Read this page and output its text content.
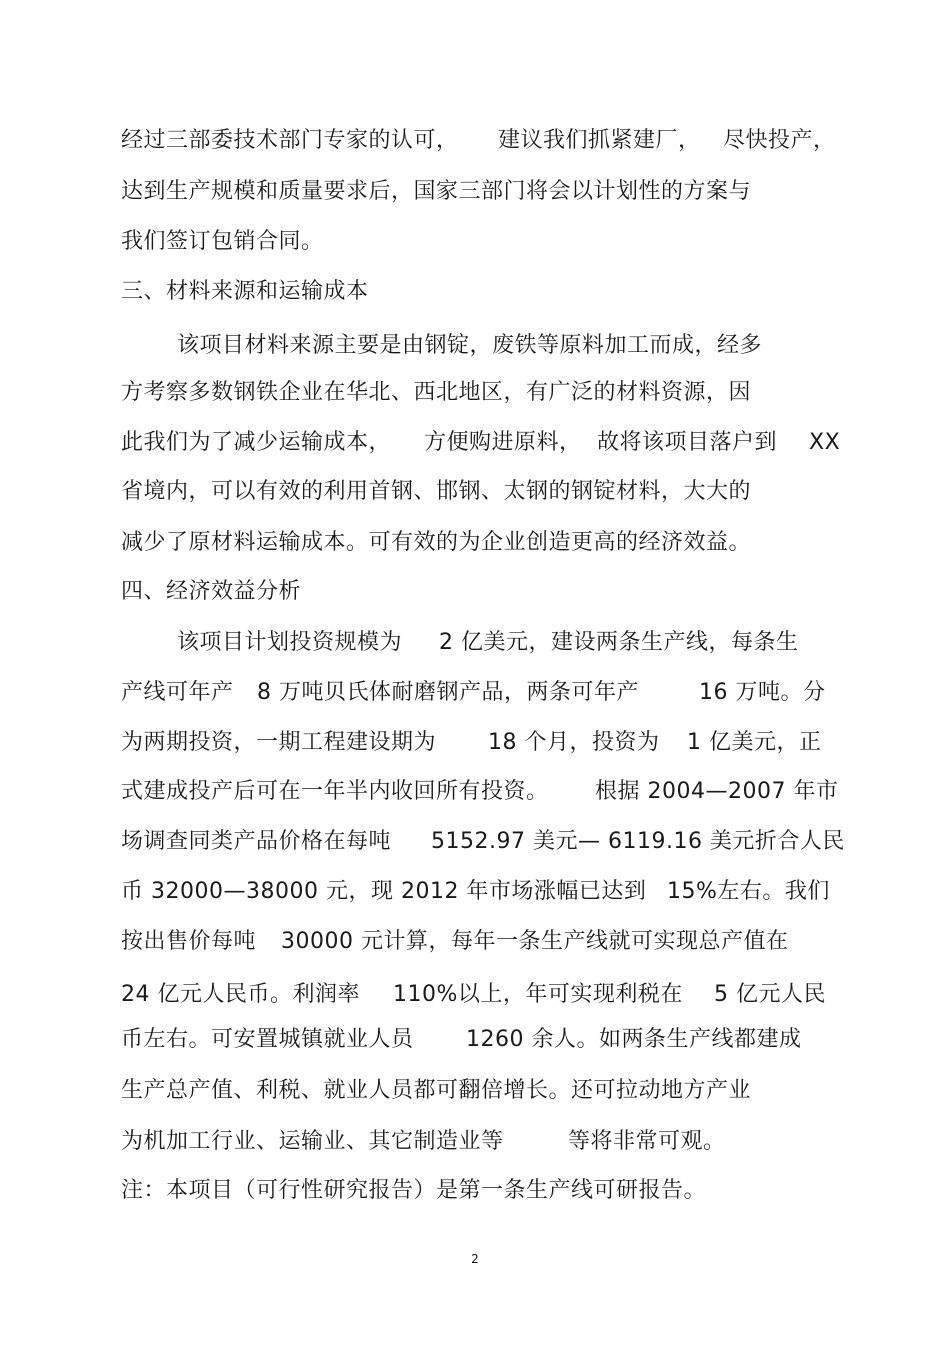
经过三部委技术部门专家的认可， 建议我们抓紧建厂， 尽快投产，
达到生产规模和质量要求后，国家三部门将会以计划性的方案与
我们签订包销合同。
三、材料来源和运输成本
该项目材料来源主要是由钢锭，废铁等原料加工而成，经多
方考察多数钢铁企业在华北、西北地区，有广泛的材料资源，因
此我们为了减少运输成本， 方便购进原料， 故将该项目落户到 XX
省境内，可以有效的利用首钢、邯钢、太钢的钢锭材料，大大的
减少了原材料运输成本。可有效的为企业创造更高的经济效益。
四、经济效益分析
该项目计划投资规模为 2 亿美元，建设两条生产线，每条生
产线可年产 8 万吨贝氏体耐磨钢产品，两条可年产	16 万吨。分
为两期投资，一期工程建设期为 18 个月，投资为 1 亿美元，正
式建成投产后可在一年半内收回所有投资。 根据 2004—2007 年市
场调查同类产品价格在每吨 5152.97 美元— 6119.16 美元折合人民
币 32000—38000 元，现 2012 年市场涨幅已达到 15%左右。我们
按出售价每吨 30000 元计算，每年一条生产线就可实现总产值在
24 亿元人民币。利润率 110%以上，年可实现利税在 5 亿元人民
币左右。可安置城镇就业人员 1260 余人。如两条生产线都建成
生产总产值、利税、就业人员都可翻倍增长。还可拉动地方产业
为机加工行业、运输业、其它制造业等	等将非常可观。
注：本项目（可行性研究报告）是第一条生产线可研报告。
2
